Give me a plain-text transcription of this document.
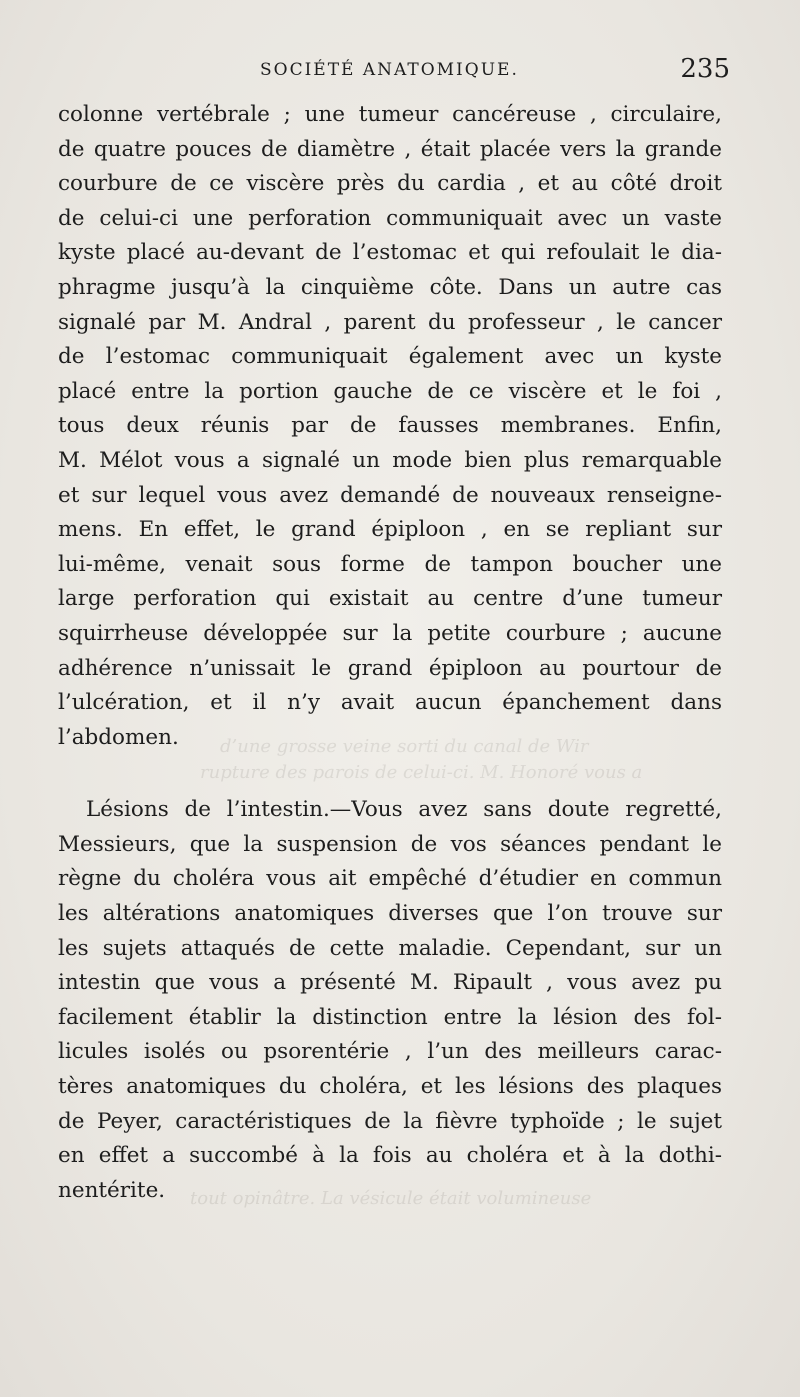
d’une grosse veine sorti du canal de Wir
rupture des parois de celui-ci. M. Honoré vous a
tout opinâtre. La vésicule était volumineuse
SOCIÉTÉ ANATOMIQUE.	235
colonne vertébrale ; une tumeur cancéreuse , circulaire,
de quatre pouces de diamètre , était placée vers la grande
courbure de ce viscère près du cardia , et au côté droit
de celui-ci une perforation communiquait avec un vaste
kyste placé au-devant de l’estomac et qui refoulait le dia-
phragme jusqu’à la cinquième côte. Dans un autre cas
signalé par M. Andral , parent du professeur , le cancer
de l’estomac communiquait également avec un kyste
placé entre la portion gauche de ce viscère et le foi ,
tous deux réunis par de fausses membranes. Enfin,
M. Mélot vous a signalé un mode bien plus remarquable
et sur lequel vous avez demandé de nouveaux renseigne-
mens. En effet, le grand épiploon , en se repliant sur
lui-même, venait sous forme de tampon boucher une
large perforation qui existait au centre d’une tumeur
squirrheuse développée sur la petite courbure ; aucune
adhérence n’unissait le grand épiploon au pourtour de
l’ulcération, et il n’y avait aucun épanchement dans
l’abdomen.
Lésions de l’intestin.—Vous avez sans doute regretté,
Messieurs, que la suspension de vos séances pendant le
règne du choléra vous ait empêché d’étudier en commun
les altérations anatomiques diverses que l’on trouve sur
les sujets attaqués de cette maladie. Cependant, sur un
intestin que vous a présenté M. Ripault , vous avez pu
facilement établir la distinction entre la lésion des fol-
licules isolés ou psorentérie , l’un des meilleurs carac-
tères anatomiques du choléra, et les lésions des plaques
de Peyer, caractéristiques de la fièvre typhoïde ; le sujet
en effet a succombé à la fois au choléra et à la dothi-
nentérite.
